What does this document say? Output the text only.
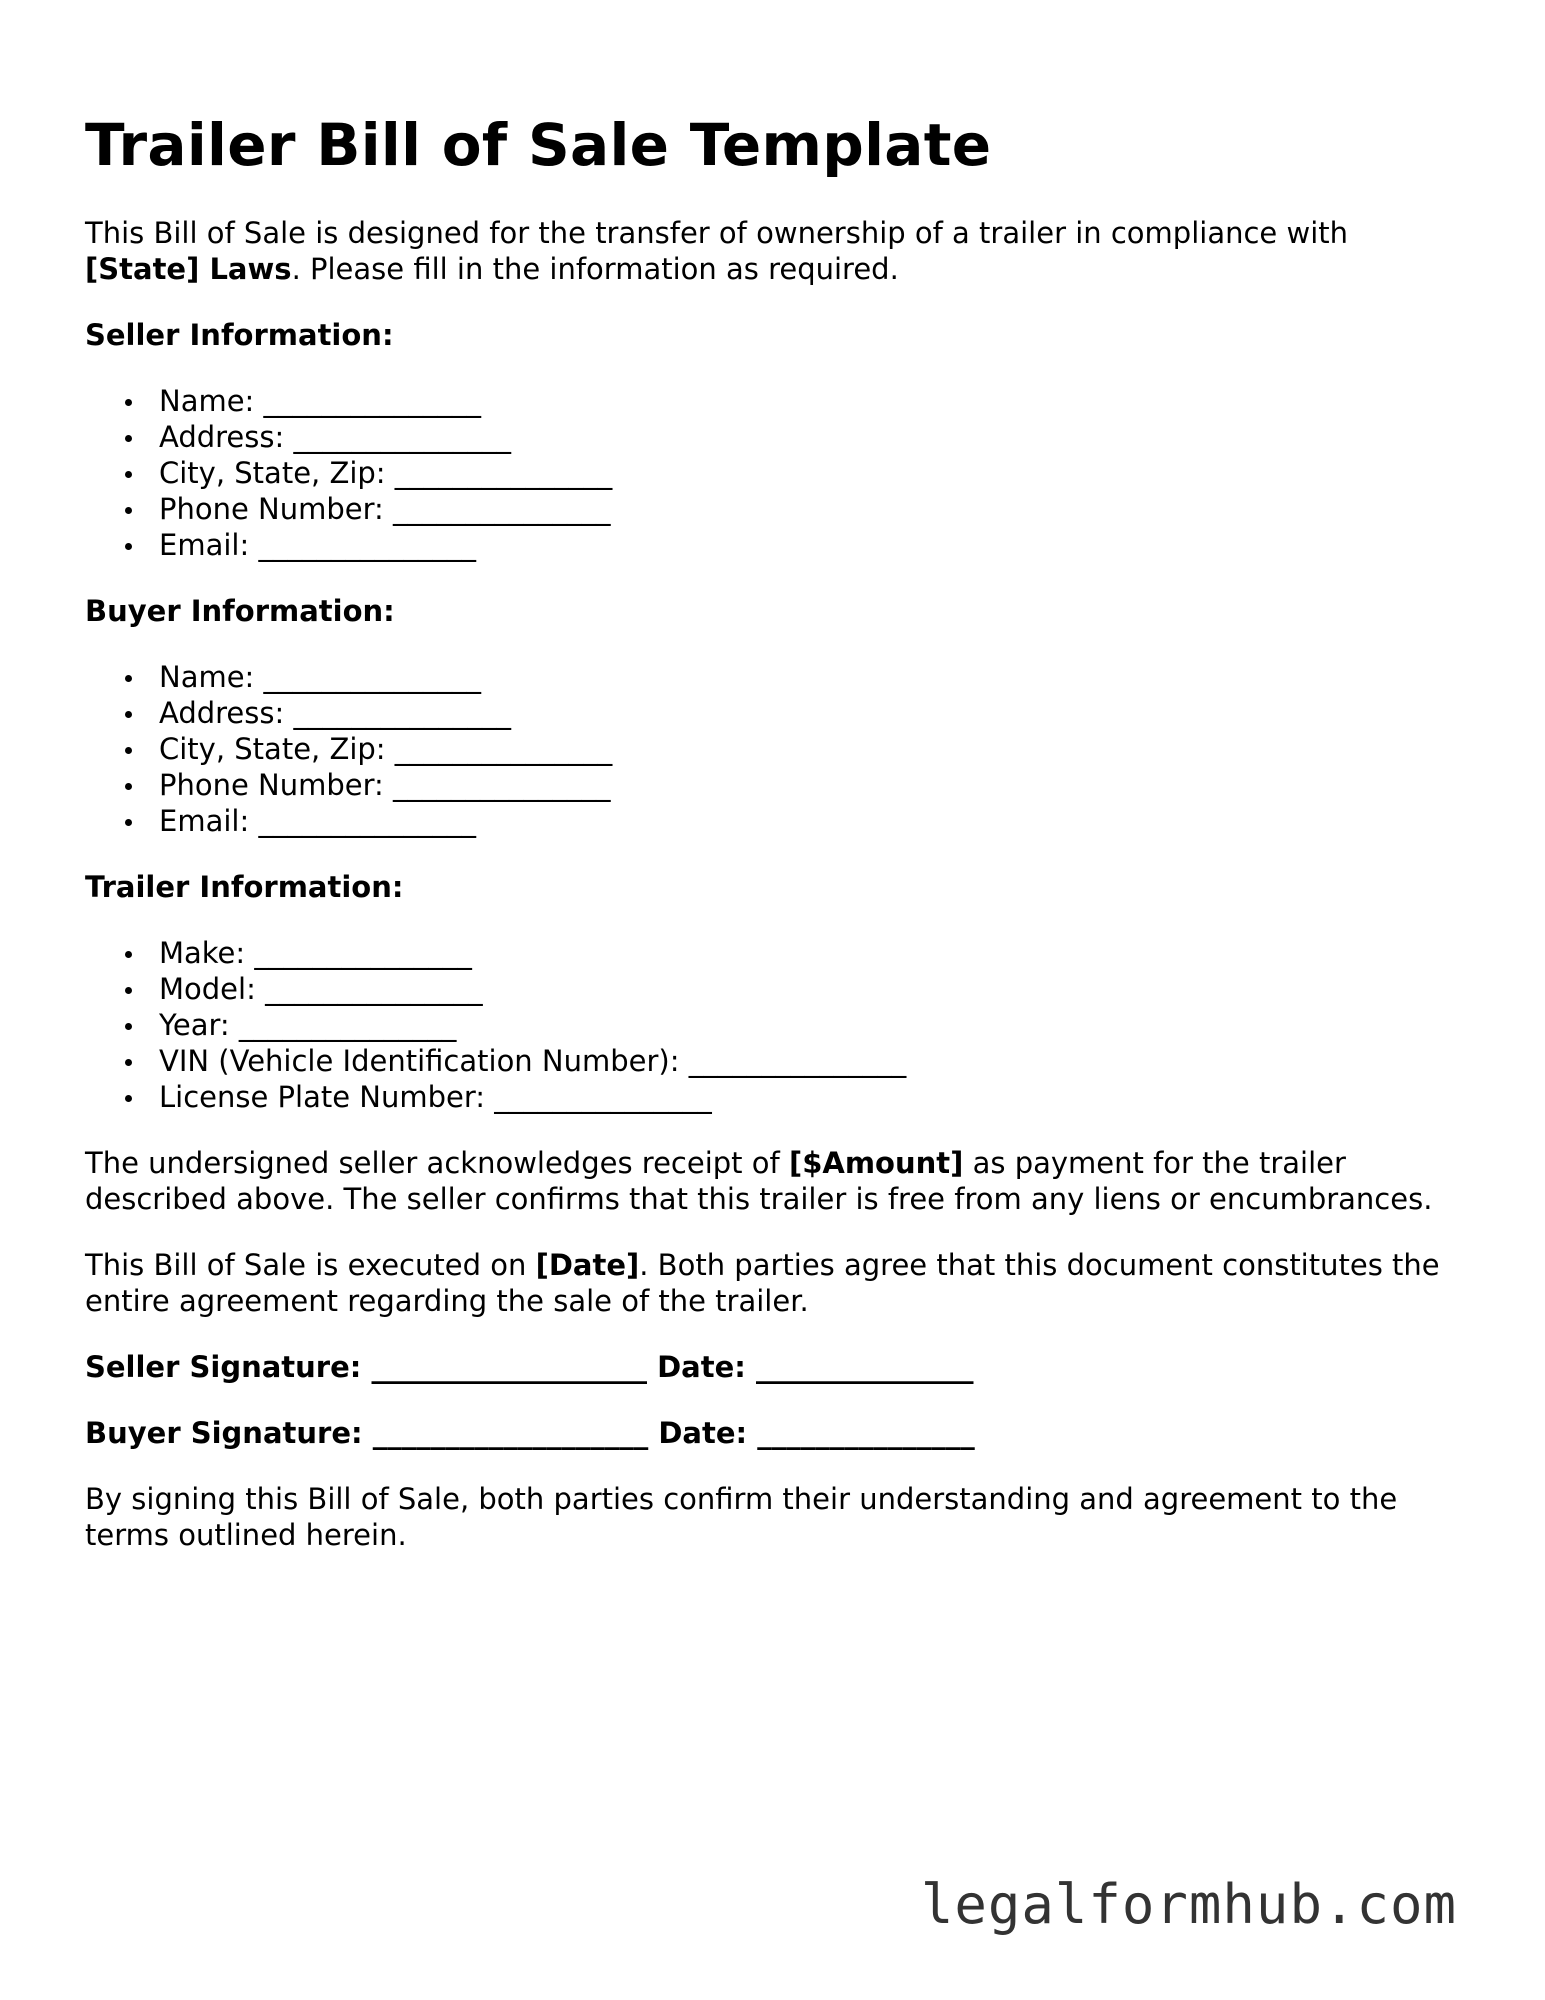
Trailer Bill of Sale Template

This Bill of Sale is designed for the transfer of ownership of a trailer in compliance with [State] Laws. Please fill in the information as required.

Seller Information:
Name: _______________
Address: _______________
City, State, Zip: _______________
Phone Number: _______________
Email: _______________
Buyer Information:
Name: _______________
Address: _______________
City, State, Zip: _______________
Phone Number: _______________
Email: _______________
Trailer Information:
Make: _______________
Model: _______________
Year: _______________
VIN (Vehicle Identification Number): _______________
License Plate Number: _______________

The undersigned seller acknowledges receipt of [$Amount] as payment for the trailer described above. The seller confirms that this trailer is free from any liens or encumbrances.

This Bill of Sale is executed on [Date]. Both parties agree that this document constitutes the entire agreement regarding the sale of the trailer.

Seller Signature: ___________________ Date: _______________
Buyer Signature: ___________________ Date: _______________

By signing this Bill of Sale, both parties confirm their understanding and agreement to the terms outlined herein.

legalformhub.com
